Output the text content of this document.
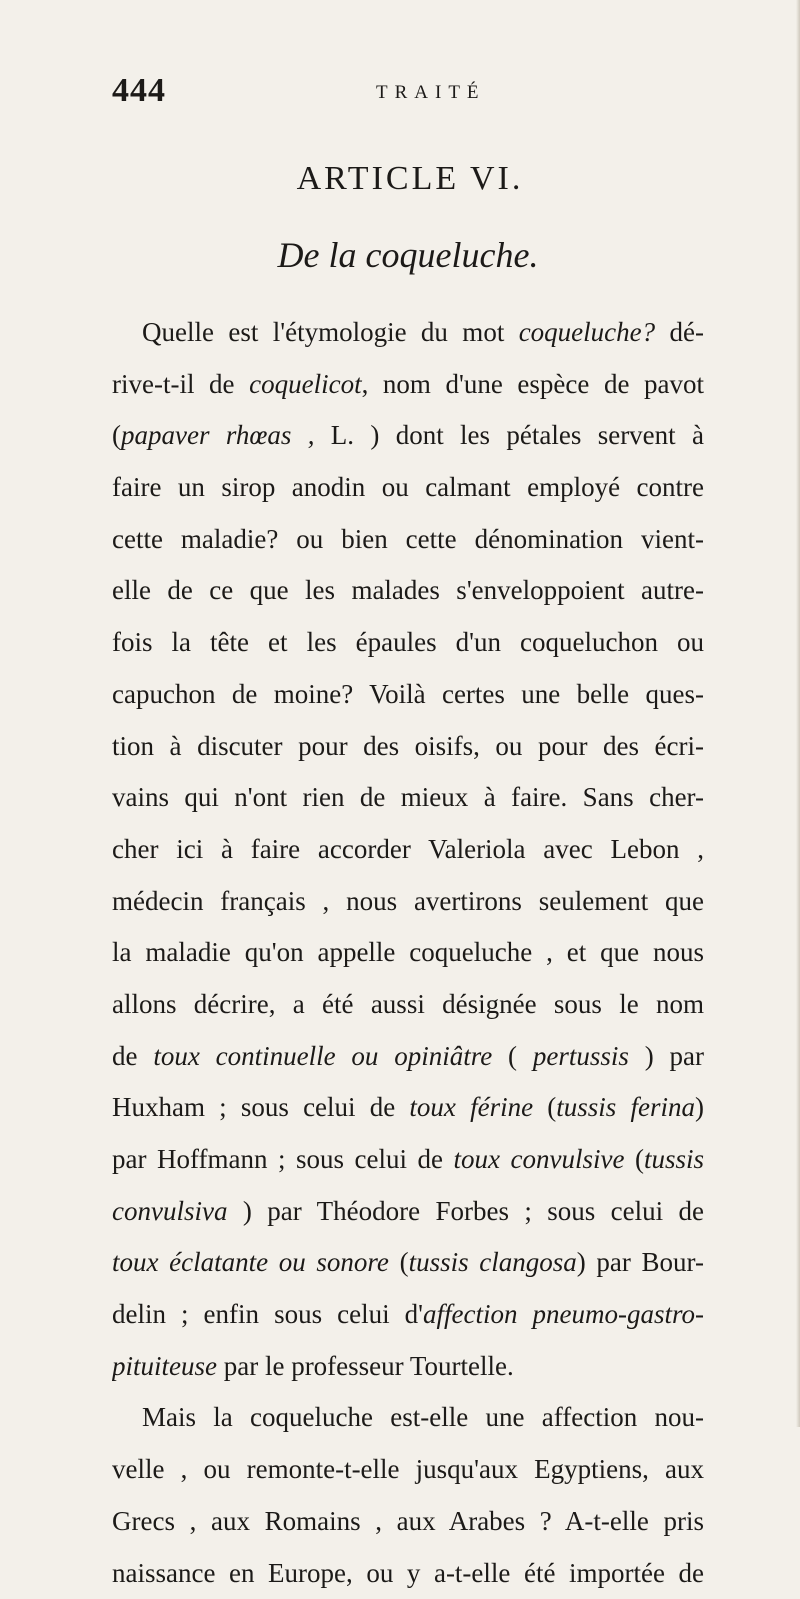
444	TRAITÉ
ARTICLE VI.
De la coqueluche.
Quelle est l'étymologie du mot coqueluche? dé-
rive-t-il de coquelicot, nom d'une espèce de pavot
(papaver rhœas , L. ) dont les pétales servent à
faire un sirop anodin ou calmant employé contre
cette maladie? ou bien cette dénomination vient-
elle de ce que les malades s'enveloppoient autre-
fois la tête et les épaules d'un coqueluchon ou
capuchon de moine? Voilà certes une belle ques-
tion à discuter pour des oisifs, ou pour des écri-
vains qui n'ont rien de mieux à faire. Sans cher-
cher ici à faire accorder Valeriola avec Lebon ,
médecin français , nous avertirons seulement que
la maladie qu'on appelle coqueluche , et que nous
allons décrire, a été aussi désignée sous le nom
de toux continuelle ou opiniâtre ( pertussis ) par
Huxham ; sous celui de toux férine (tussis ferina)
par Hoffmann ; sous celui de toux convulsive (tussis
convulsiva ) par Théodore Forbes ; sous celui de
toux éclatante ou sonore (tussis clangosa) par Bour-
delin ; enfin sous celui d'affection pneumo-gastro-
pituiteuse par le professeur Tourtelle.
Mais la coqueluche est-elle une affection nou-
velle , ou remonte-t-elle jusqu'aux Egyptiens, aux
Grecs , aux Romains , aux Arabes ? A-t-elle pris
naissance en Europe, ou y a-t-elle été importée de
